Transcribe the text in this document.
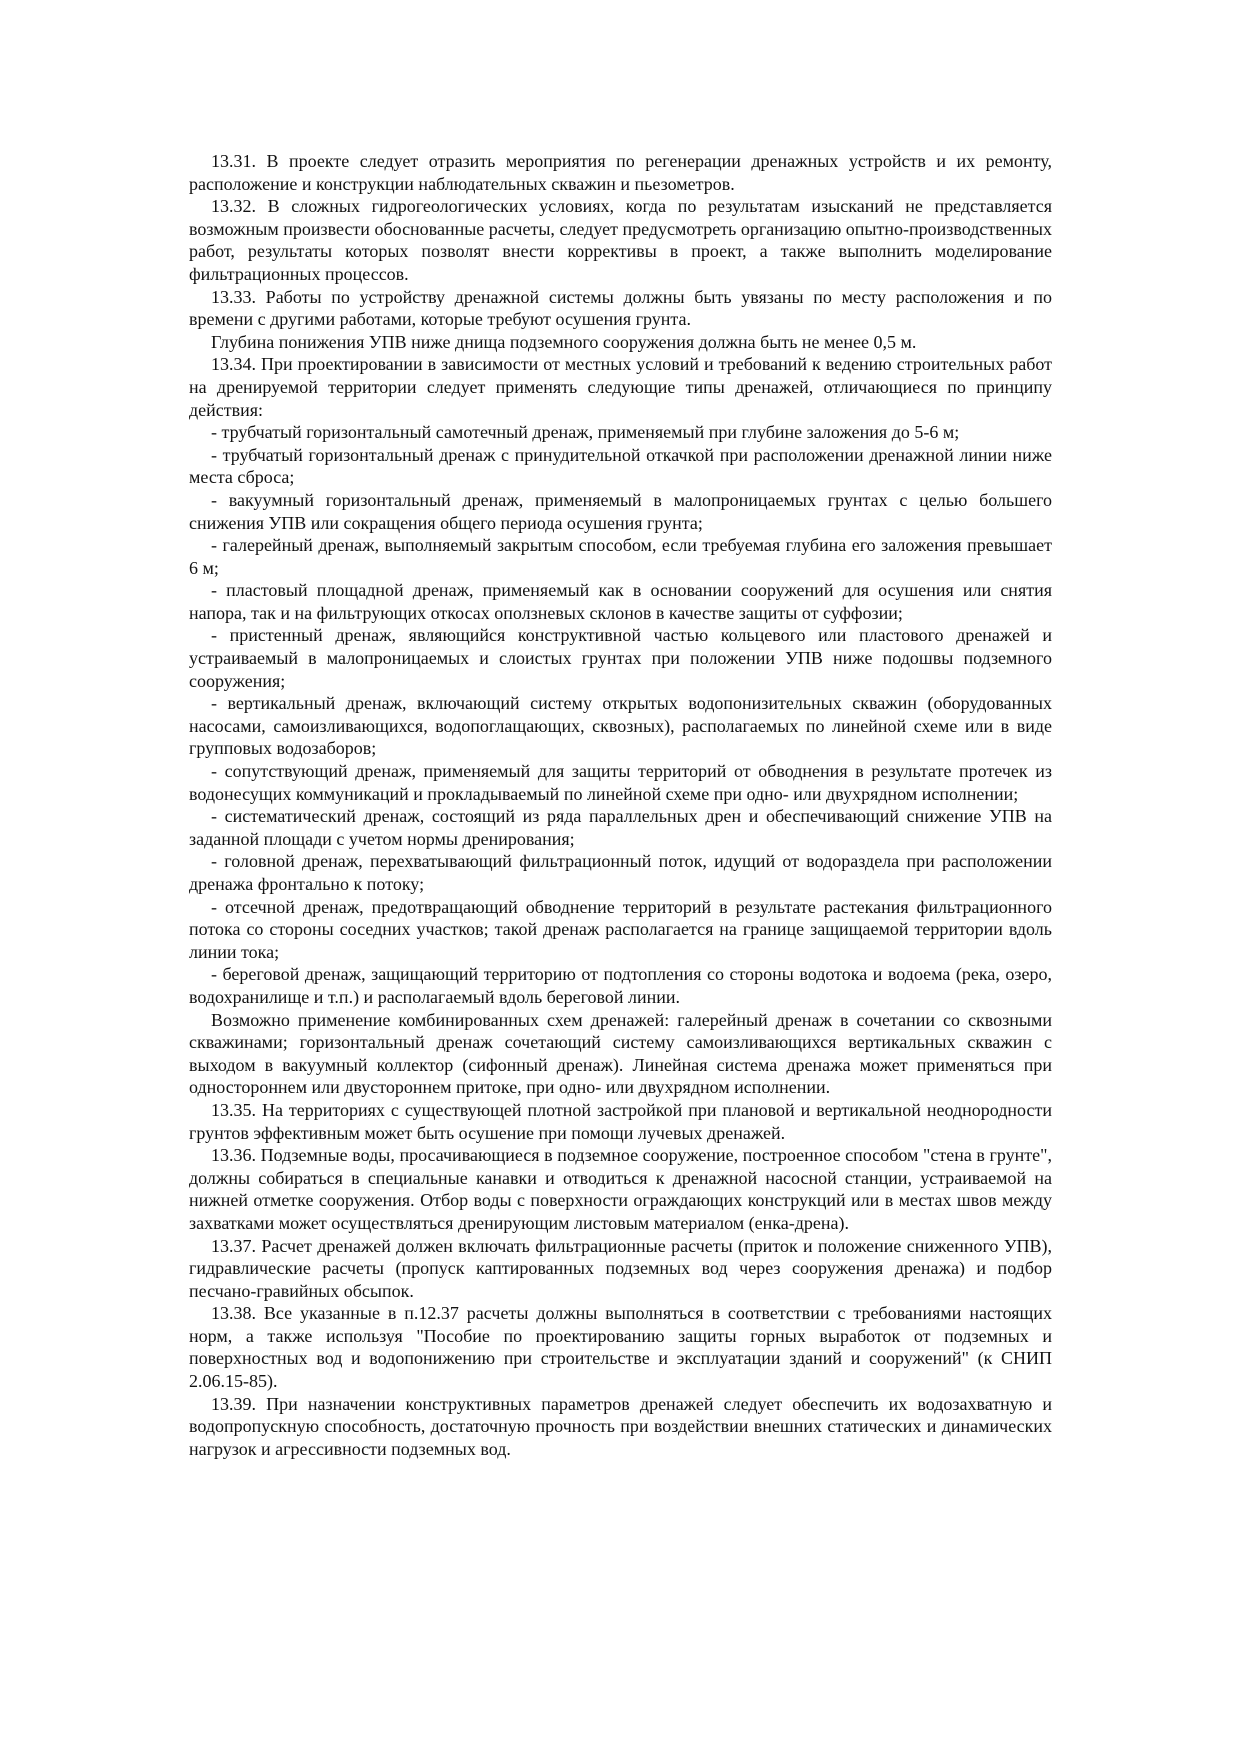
13.31. В проекте следует отразить мероприятия по регенерации дренажных устройств и их ремонту, расположение и конструкции наблюдательных скважин и пьезометров.

13.32. В сложных гидрогеологических условиях, когда по результатам изысканий не представляется возможным произвести обоснованные расчеты, следует предусмотреть организацию опытно-производственных работ, результаты которых позволят внести коррективы в проект, а также выполнить моделирование фильтрационных процессов.

13.33. Работы по устройству дренажной системы должны быть увязаны по месту расположения и по времени с другими работами, которые требуют осушения грунта.

Глубина понижения УПВ ниже днища подземного сооружения должна быть не менее 0,5 м.

13.34. При проектировании в зависимости от местных условий и требований к ведению строительных работ на дренируемой территории следует применять следующие типы дренажей, отличающиеся по принципу действия:

- трубчатый горизонтальный самотечный дренаж, применяемый при глубине заложения до 5-6 м;

- трубчатый горизонтальный дренаж с принудительной откачкой при расположении дренажной линии ниже места сброса;

- вакуумный горизонтальный дренаж, применяемый в малопроницаемых грунтах с целью большего снижения УПВ или сокращения общего периода осушения грунта;

- галерейный дренаж, выполняемый закрытым способом, если требуемая глубина его заложения превышает 6 м;

- пластовый площадной дренаж, применяемый как в основании сооружений для осушения или снятия напора, так и на фильтрующих откосах оползневых склонов в качестве защиты от суффозии;

- пристенный дренаж, являющийся конструктивной частью кольцевого или пластового дренажей и устраиваемый в малопроницаемых и слоистых грунтах при положении УПВ ниже подошвы подземного сооружения;

- вертикальный дренаж, включающий систему открытых водопонизительных скважин (оборудованных насосами, самоизливающихся, водопоглащающих, сквозных), располагаемых по линейной схеме или в виде групповых водозаборов;

- сопутствующий дренаж, применяемый для защиты территорий от обводнения в результате протечек из водонесущих коммуникаций и прокладываемый по линейной схеме при одно- или двухрядном исполнении;

- систематический дренаж, состоящий из ряда параллельных дрен и обеспечивающий снижение УПВ на заданной площади с учетом нормы дренирования;

- головной дренаж, перехватывающий фильтрационный поток, идущий от водораздела при расположении дренажа фронтально к потоку;

- отсечной дренаж, предотвращающий обводнение территорий в результате растекания фильтрационного потока со стороны соседних участков; такой дренаж располагается на границе защищаемой территории вдоль линии тока;

- береговой дренаж, защищающий территорию от подтопления со стороны водотока и водоема (река, озеро, водохранилище и т.п.) и располагаемый вдоль береговой линии.

Возможно применение комбинированных схем дренажей: галерейный дренаж в сочетании со сквозными скважинами; горизонтальный дренаж сочетающий систему самоизливающихся вертикальных скважин с выходом в вакуумный коллектор (сифонный дренаж). Линейная система дренажа может применяться при одностороннем или двустороннем притоке, при одно- или двухрядном исполнении.

13.35. На территориях с существующей плотной застройкой при плановой и вертикальной неоднородности грунтов эффективным может быть осушение при помощи лучевых дренажей.

13.36. Подземные воды, просачивающиеся в подземное сооружение, построенное способом "стена в грунте", должны собираться в специальные канавки и отводиться к дренажной насосной станции, устраиваемой на нижней отметке сооружения. Отбор воды с поверхности ограждающих конструкций или в местах швов между захватками может осуществляться дренирующим листовым материалом (енка-дрена).

13.37. Расчет дренажей должен включать фильтрационные расчеты (приток и положение сниженного УПВ), гидравлические расчеты (пропуск каптированных подземных вод через сооружения дренажа) и подбор песчано-гравийных обсыпок.

13.38. Все указанные в п.12.37 расчеты должны выполняться в соответствии с требованиями настоящих норм, а также используя "Пособие по проектированию защиты горных выработок от подземных и поверхностных вод и водопонижению при строительстве и эксплуатации зданий и сооружений" (к СНИП 2.06.15-85).

13.39. При назначении конструктивных параметров дренажей следует обеспечить их водозахватную и водопропускную способность, достаточную прочность при воздействии внешних статических и динамических нагрузок и агрессивности подземных вод.
